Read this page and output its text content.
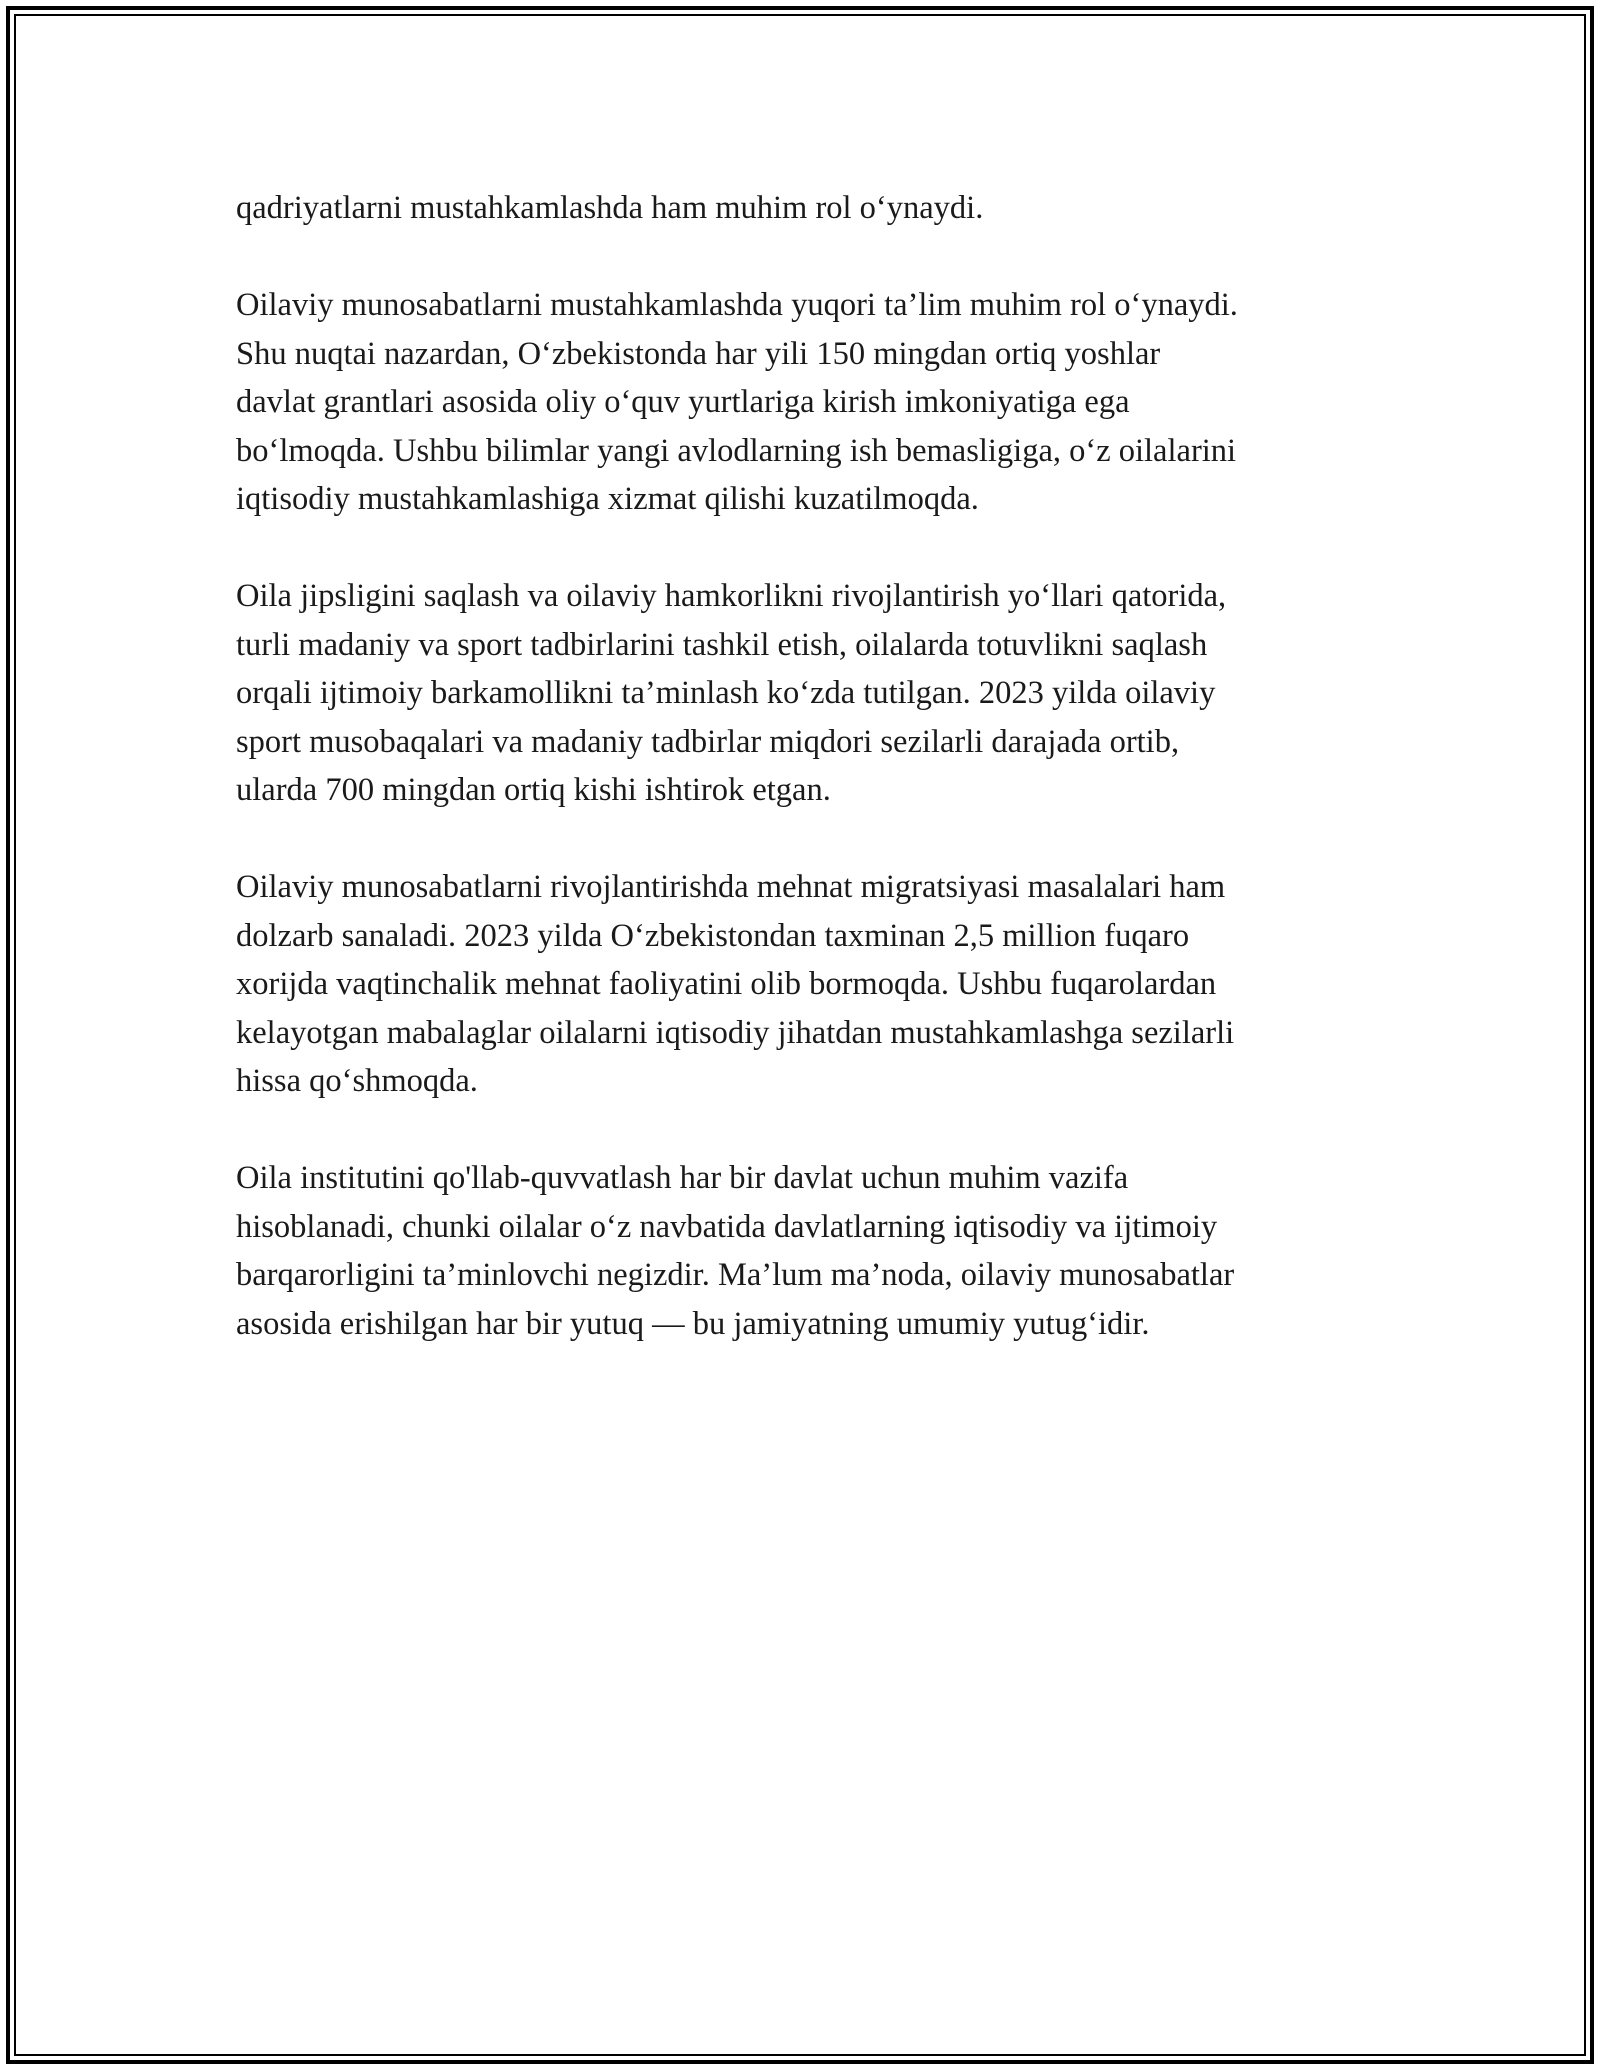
qadriyatlarni mustahkamlashda ham muhim rol o‘ynaydi.

Oilaviy munosabatlarni mustahkamlashda yuqori ta’lim muhim rol o‘ynaydi.
Shu nuqtai nazardan, O‘zbekistonda har yili 150 mingdan ortiq yoshlar
davlat grantlari asosida oliy o‘quv yurtlariga kirish imkoniyatiga ega
bo‘lmoqda. Ushbu bilimlar yangi avlodlarning ish bemasligiga, o‘z oilalarini
iqtisodiy mustahkamlashiga xizmat qilishi kuzatilmoqda.

Oila jipsligini saqlash va oilaviy hamkorlikni rivojlantirish yo‘llari qatorida,
turli madaniy va sport tadbirlarini tashkil etish, oilalarda totuvlikni saqlash
orqali ijtimoiy barkamollikni ta’minlash ko‘zda tutilgan. 2023 yilda oilaviy
sport musobaqalari va madaniy tadbirlar miqdori sezilarli darajada ortib,
ularda 700 mingdan ortiq kishi ishtirok etgan.

Oilaviy munosabatlarni rivojlantirishda mehnat migratsiyasi masalalari ham
dolzarb sanaladi. 2023 yilda O‘zbekistondan taxminan 2,5 million fuqaro
xorijda vaqtinchalik mehnat faoliyatini olib bormoqda. Ushbu fuqarolardan
kelayotgan mabalaglar oilalarni iqtisodiy jihatdan mustahkamlashga sezilarli
hissa qo‘shmoqda.

Oila institutini qo'llab-quvvatlash har bir davlat uchun muhim vazifa
hisoblanadi, chunki oilalar o‘z navbatida davlatlarning iqtisodiy va ijtimoiy
barqarorligini ta’minlovchi negizdir. Ma’lum ma’noda, oilaviy munosabatlar
asosida erishilgan har bir yutuq — bu jamiyatning umumiy yutug‘idir.
